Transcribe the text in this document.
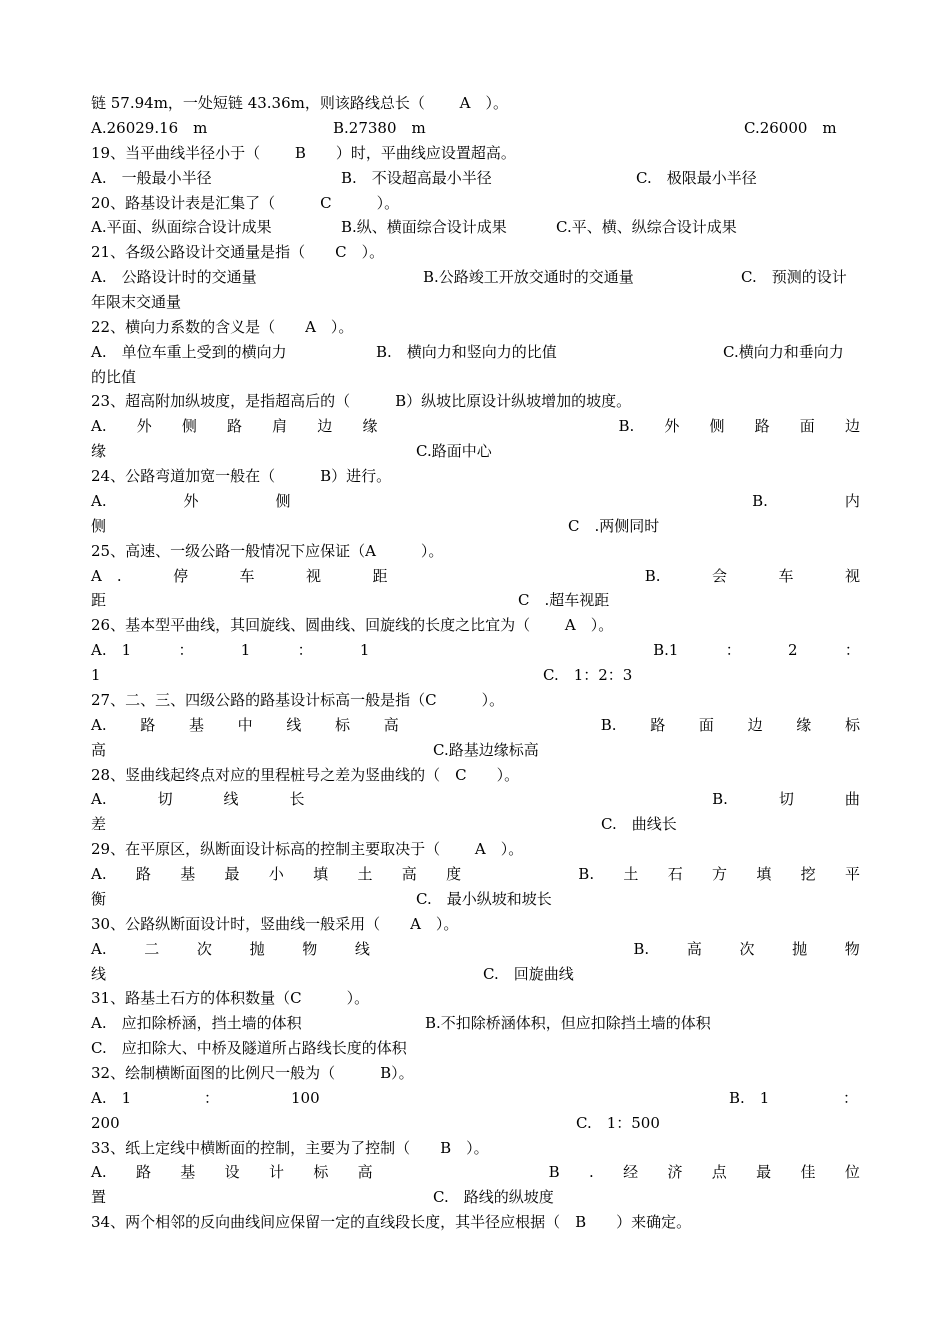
链 57.94m，一处短链 43.36m，则该路线总长（　　 A　）。
A.26029.16　m	B.27380　m	C.26000　m
19、当平曲线半径小于（　　 B　　）时，平曲线应设置超高。
A.　一般最小半径	B.　不设超高最小半径	C.　极限最小半径
20、路基设计表是汇集了（　　　C　　　）。
A.平面、纵面综合设计成果	B.纵、横面综合设计成果	C.平、横、纵综合设计成果
21、各级公路设计交通量是指（　　C　）。
A.　公路设计时的交通量	B.公路竣工开放交通时的交通量	C.　预测的设计
年限末交通量
22、横向力系数的含义是（　　A　）。
A.　单位车重上受到的横向力	B.　横向力和竖向力的比值	C.横向力和垂向力
的比值
23、超高附加纵坡度，是指超高后的（　　　B）纵坡比原设计纵坡增加的坡度。
A. 外 侧 路 肩 边 缘	B. 外 侧 路 面 边
缘	C.路面中心
24、公路弯道加宽一般在（　　　B）进行。
A.	外	侧	B.	内
侧	C　.两侧同时
25、高速、一级公路一般情况下应保证（A　　　）。
A　.	停	车	视	距	B.	会	车	视
距	C　.超车视距
26、基本型平曲线，其回旋线、圆曲线、回旋线的长度之比宜为（　　 A　）。
A.　1	：	1	：	1	B.1	：	2	：
1	C.　1：2：3
27、二、三、四级公路的路基设计标高一般是指（C　　　）。
A. 路 基 中 线 标 高	B. 路 面 边 缘 标
高	C.路基边缘标高
28、竖曲线起终点对应的里程桩号之差为竖曲线的（　C　　）。
A.	切	线	长	B.	切	曲
差	C.　曲线长
29、在平原区，纵断面设计标高的控制主要取决于（　　 A　）。
A. 路 基 最 小 填 土 高 度	B. 土 石 方 填 挖 平
衡	C.　最小纵坡和坡长
30、公路纵断面设计时，竖曲线一般采用（　　A　）。
A.	二	次	抛	物	线	B.	高	次	抛	物
线	C.　回旋曲线
31、路基土石方的体积数量（C　　　）。
A.　应扣除桥涵，挡土墙的体积	B.不扣除桥涵体积，但应扣除挡土墙的体积
C.　应扣除大、中桥及隧道所占路线长度的体积
32、绘制横断面图的比例尺一般为（　　　B）。
A.　1	：	100	B.　1	：
200	C.　1：500
33、纸上定线中横断面的控制，主要为了控制（　　B　）。
A. 路 基 设 计 标 高	B . 经 济 点 最 佳 位
置	C.　路线的纵坡度
34、两个相邻的反向曲线间应保留一定的直线段长度，其半径应根据（　B　　）来确定。
